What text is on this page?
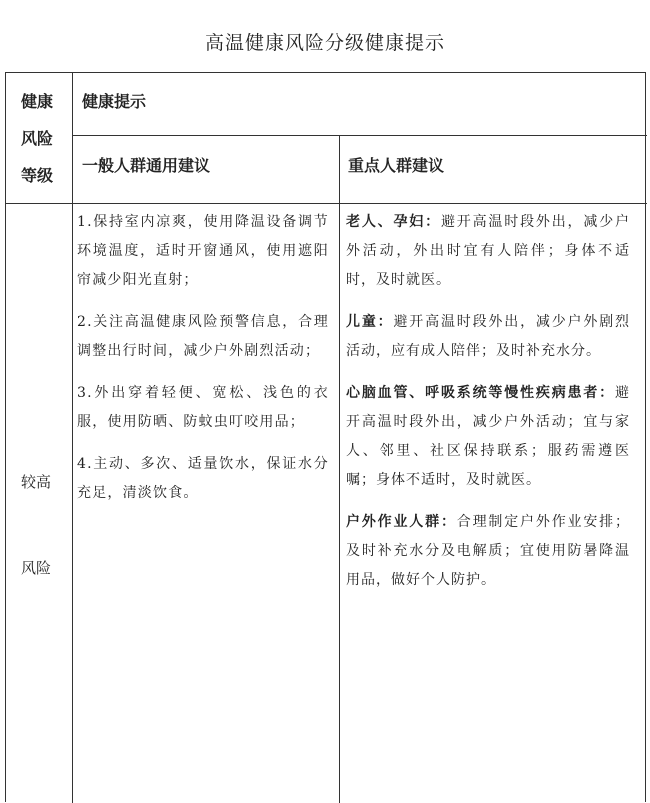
高温健康风险分级健康提示
健康
风险
等级
健康提示
一般人群通用建议	重点人群建议
较高
风险

1.保持室内凉爽，使用降温设备调节环境温度，适时开窗通风，使用遮阳帘减少阳光直射；

2.关注高温健康风险预警信息，合理调整出行时间，减少户外剧烈活动；

3.外出穿着轻便、宽松、浅色的衣服，使用防晒、防蚊虫叮咬用品；

4.主动、多次、适量饮水，保证水分充足，清淡饮食。

老人、孕妇：避开高温时段外出，减少户外活动，外出时宜有人陪伴；身体不适时，及时就医。

儿童：避开高温时段外出，减少户外剧烈活动，应有成人陪伴；及时补充水分。

心脑血管、呼吸系统等慢性疾病患者：避开高温时段外出，减少户外活动；宜与家人、邻里、社区保持联系；服药需遵医嘱；身体不适时，及时就医。

户外作业人群：合理制定户外作业安排；及时补充水分及电解质；宜使用防暑降温用品，做好个人防护。
